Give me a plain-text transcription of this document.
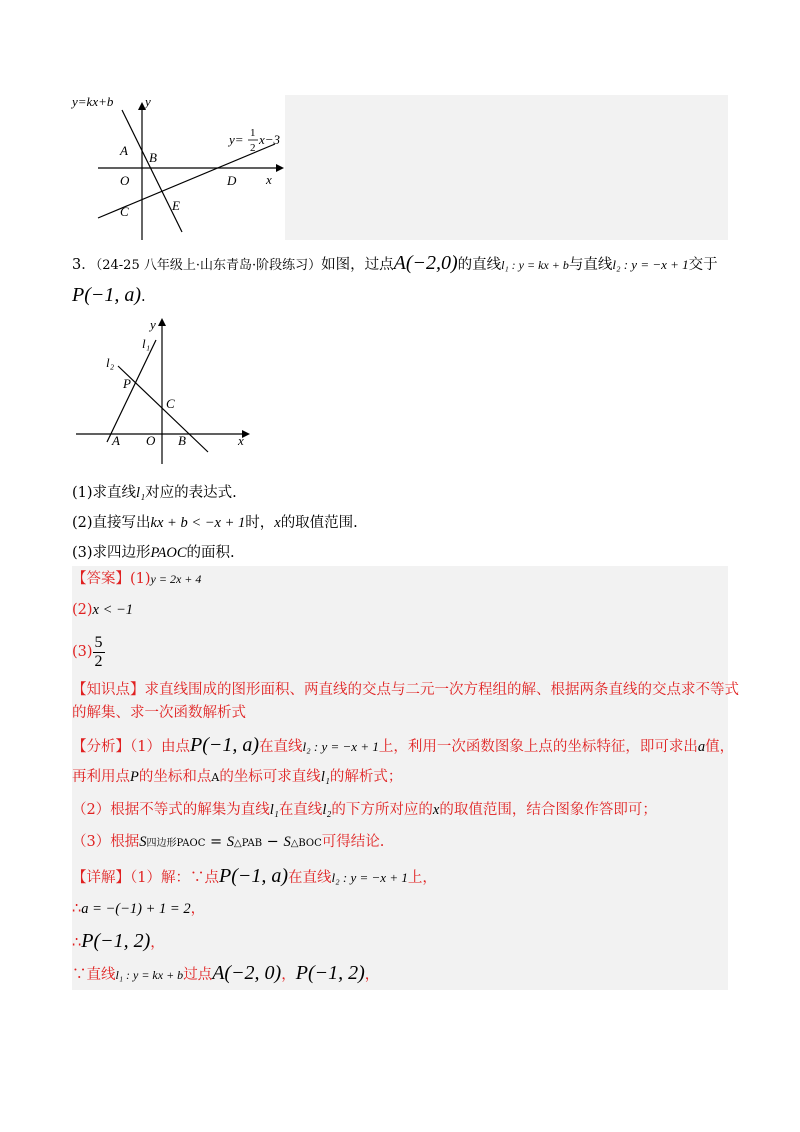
y=kx+b y
y= 1
2
x−3
x
A B
O
C
D
E
3．（24-25 八年级上·山东青岛·阶段练习）如图，过点A(−2,0)的直线l₁ : y = kx + b与直线l₂ : y = −x + 1交于
P(−1, a).
y
l₁
l₂
P
C
A O B	x
(1)求直线l₁对应的表达式.
(2)直接写出kx + b < −x + 1时，x的取值范围.
(3)求四边形PAOC的面积.
【答案】(1)y = 2x + 4
(2)x < −1
$(3) \frac{5}{2}$
【知识点】求直线围成的图形面积、两直线的交点与二元一次方程组的解、根据两条直线的交点求不等式
的解集、求一次函数解析式
【分析】（1）由点P(−1, a)在直线l₂ : y = −x + 1上，利用一次函数图象上点的坐标特征，即可求出a值，
再利用点P的坐标和点A的坐标可求直线l₁的解析式；
（2）根据不等式的解集为直线l₁在直线l₂的下方所对应的x的取值范围，结合图象作答即可；
（3）根据S四边形PAOC = S△PAB − S△BOC可得结论.
【详解】（1）解：∵点P(−1, a)在直线l₂ : y = −x + 1上，
∴a = −(−1) + 1 = 2，
∴P(−1, 2)，
∵直线l₁ : y = kx + b过点A(−2, 0)，P(−1, 2)，
